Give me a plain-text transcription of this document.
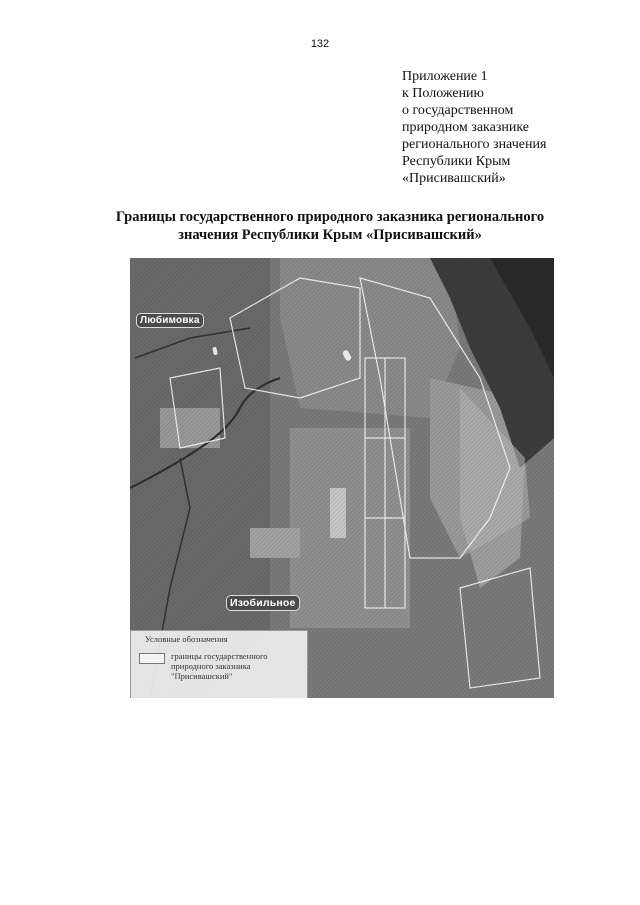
132
Приложение 1
к Положению
о государственном
природном заказнике
регионального значения
Республики Крым
«Присивашский»
Границы государственного природного заказника регионального
значения Республики Крым «Присивашский»
Любимовка
Изобильное
​
​
Условные обозначения
границы государственного
природного заказника
"Присивашский"
